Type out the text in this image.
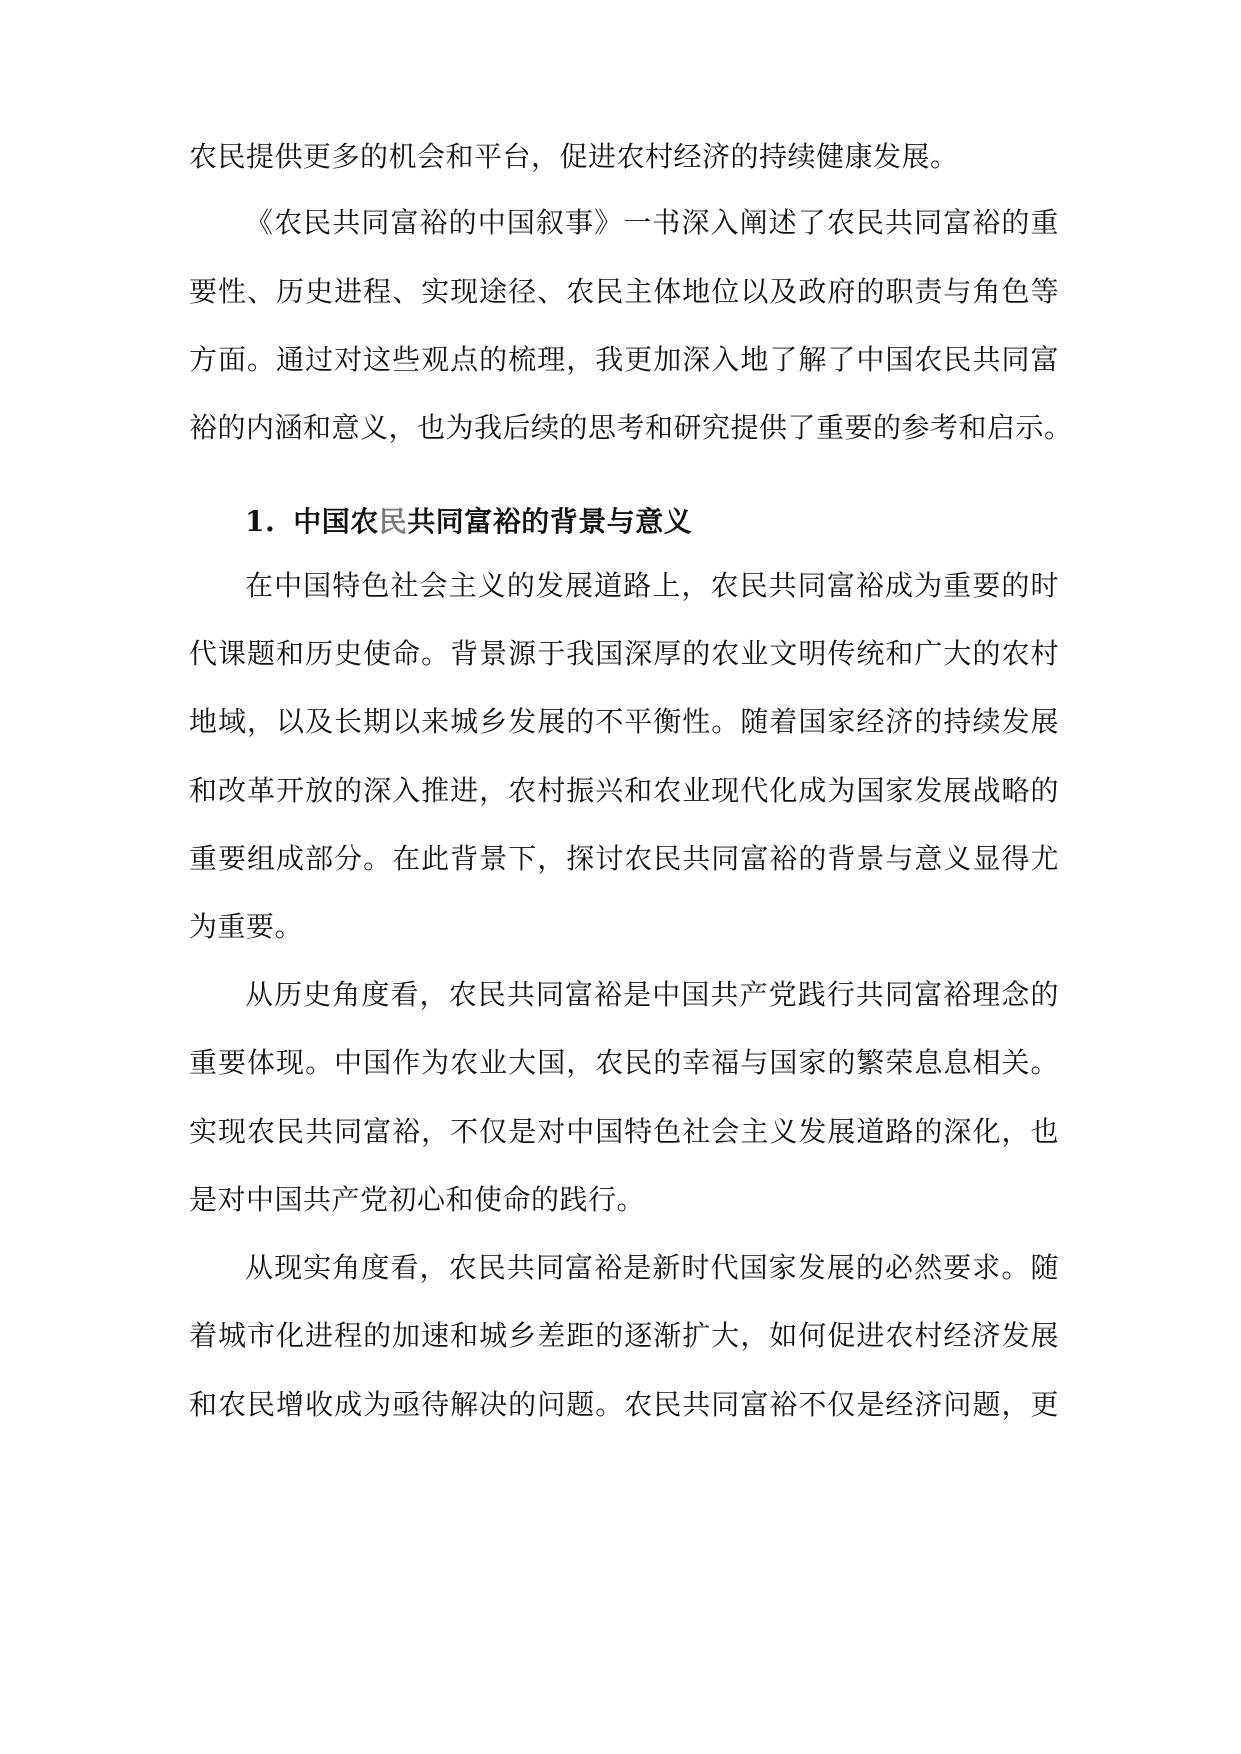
农民提供更多的机会和平台，促进农村经济的持续健康发展。
《农民共同富裕的中国叙事》一书深入阐述了农民共同富裕的重
要性、历史进程、实现途径、农民主体地位以及政府的职责与角色等
方面。通过对这些观点的梳理，我更加深入地了解了中国农民共同富
裕的内涵和意义，也为我后续的思考和研究提供了重要的参考和启示。
1. 中国农民共同富裕的背景与意义
在中国特色社会主义的发展道路上，农民共同富裕成为重要的时
代课题和历史使命。背景源于我国深厚的农业文明传统和广大的农村
地域，以及长期以来城乡发展的不平衡性。随着国家经济的持续发展
和改革开放的深入推进，农村振兴和农业现代化成为国家发展战略的
重要组成部分。在此背景下，探讨农民共同富裕的背景与意义显得尤
为重要。
从历史角度看，农民共同富裕是中国共产党践行共同富裕理念的
重要体现。中国作为农业大国，农民的幸福与国家的繁荣息息相关。
实现农民共同富裕，不仅是对中国特色社会主义发展道路的深化，也
是对中国共产党初心和使命的践行。
从现实角度看，农民共同富裕是新时代国家发展的必然要求。随
着城市化进程的加速和城乡差距的逐渐扩大，如何促进农村经济发展
和农民增收成为亟待解决的问题。农民共同富裕不仅是经济问题，更
